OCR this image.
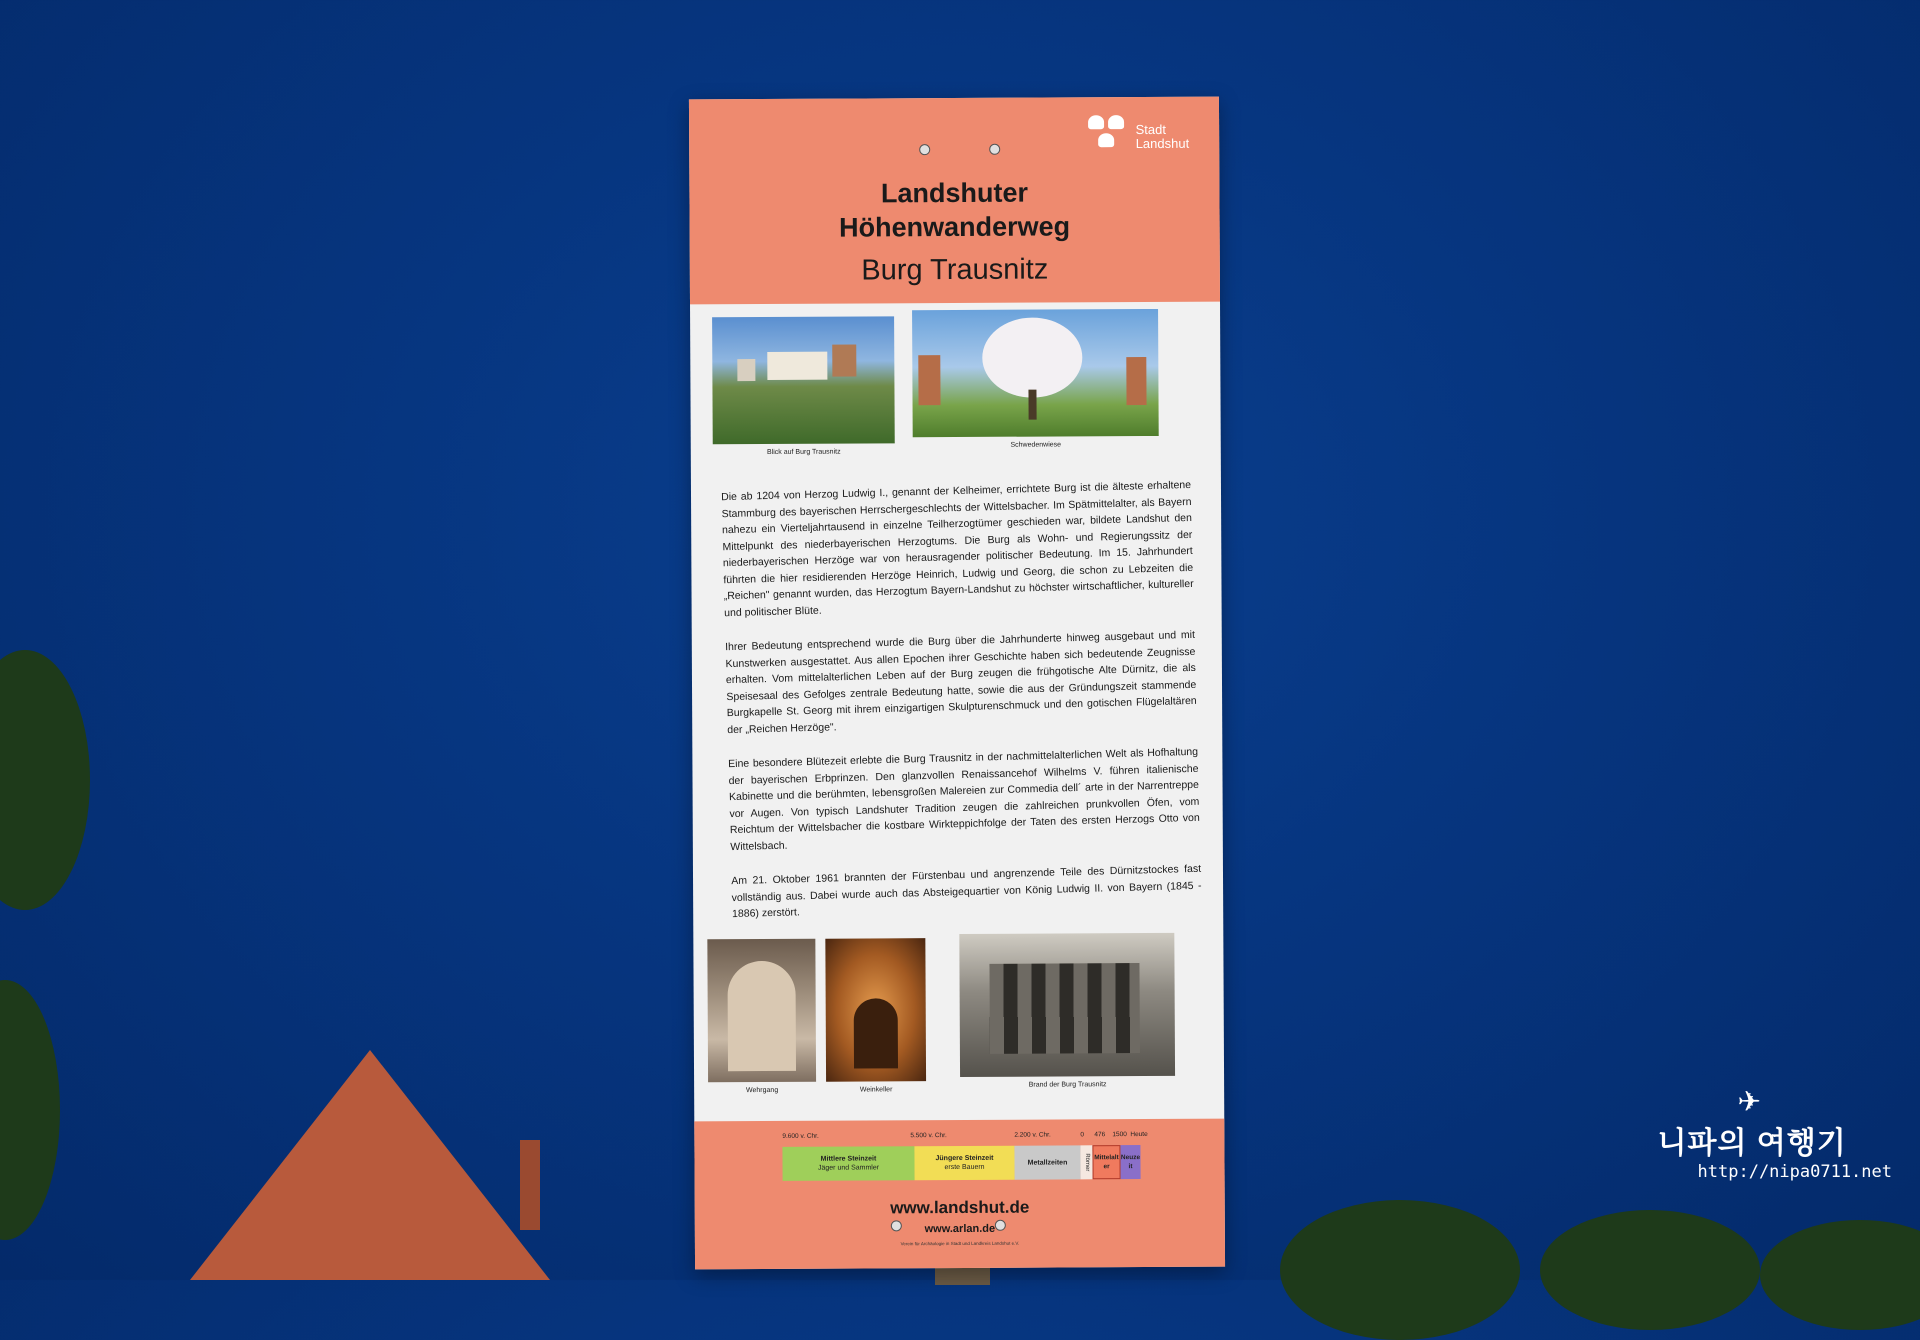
Stadt
Landshut
Landshuter
Höhenwanderweg
Burg Trausnitz
Blick auf Burg Trausnitz
Schwedenwiese

Die ab 1204 von Herzog Ludwig I., genannt der Kelheimer, errichtete Burg ist die älteste erhaltene Stammburg des bayerischen Herrschergeschlechts der Wittelsbacher. Im Spätmittelalter, als Bayern nahezu ein Vierteljahrtausend in einzelne Teilherzogtümer geschieden war, bildete Landshut den Mittelpunkt des niederbayerischen Herzogtums. Die Burg als Wohn- und Regierungssitz der niederbayerischen Herzöge war von herausragender politischer Bedeutung. Im 15. Jahrhundert führten die hier residierenden Herzöge Heinrich, Ludwig und Georg, die schon zu Lebzeiten die „Reichen" genannt wurden, das Herzogtum Bayern-Landshut zu höchster wirtschaftlicher, kultureller und politischer Blüte.

Ihrer Bedeutung entsprechend wurde die Burg über die Jahrhunderte hinweg ausgebaut und mit Kunstwerken ausgestattet. Aus allen Epochen ihrer Geschichte haben sich bedeutende Zeugnisse erhalten. Vom mittelalterlichen Leben auf der Burg zeugen die frühgotische Alte Dürnitz, die als Speisesaal des Gefolges zentrale Bedeutung hatte, sowie die aus der Gründungszeit stammende Burgkapelle St. Georg mit ihrem einzigartigen Skulpturenschmuck und den gotischen Flügelaltären der „Reichen Herzöge".

Eine besondere Blütezeit erlebte die Burg Trausnitz in der nachmittelalterlichen Welt als Hofhaltung der bayerischen Erbprinzen. Den glanzvollen Renaissancehof Wilhelms V. führen italienische Kabinette und die berühmten, lebensgroßen Malereien zur Commedia dell´ arte in der Narrentreppe vor Augen. Von typisch Landshuter Tradition zeugen die zahlreichen prunkvollen Öfen, vom Reichtum der Wittelsbacher die kostbare Wirkteppichfolge der Taten des ersten Herzogs Otto von Wittelsbach.

Am 21. Oktober 1961 brannten der Fürstenbau und angrenzende Teile des Dürnitzstockes fast vollständig aus. Dabei wurde auch das Absteigequartier von König Ludwig II. von Bayern (1845 - 1886) zerstört.

Wehrgang	Weinkeller
Brand der Burg Trausnitz
9.600 v. Chr.	5.500 v. Chr.	2.200 v. Chr.	0 476 1500 Heute
Mittlere Steinzeit
Jäger und Sammler
Jüngere Steinzeit
erste Bauern
Metallzeiten	Römer Mittelalter
Neuzeit
www.landshut.de
www.arlan.de
Verein für Archäologie in Stadt und Landkreis Landshut e.V.
✈
니파의 여행기
http://nipa0711.net
